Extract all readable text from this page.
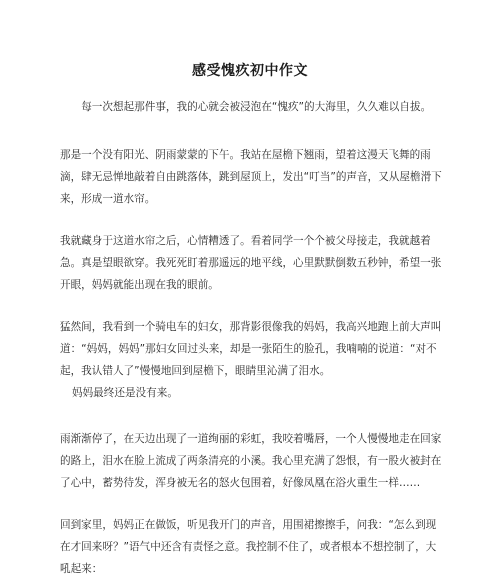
感受愧疚初中作文

每一次想起那件事，我的心就会被浸泡在“愧疚”的大海里，久久难以自拔。

那是一个没有阳光、阴雨蒙蒙的下午。我站在屋檐下翘雨，望着这漫天飞舞的雨滴，肆无忌惮地敲着自由跳落体，跳到屋顶上，发出“叮当”的声音，又从屋檐滑下来，形成一道水帘。

我就藏身于这道水帘之后，心情糟透了。看着同学一个个被父母接走，我就越着急。真是望眼欲穿。我死死盯着那遥远的地平线，心里默默倒数五秒钟，希望一张开眼，妈妈就能出现在我的眼前。

猛然间，我看到一个骑电车的妇女，那背影很像我的妈妈，我高兴地跑上前大声叫道：“妈妈，妈妈”那妇女回过头来，却是一张陌生的脸孔，我喃喃的说道：“对不起，我认错人了”慢慢地回到屋檐下，眼睛里沁满了泪水。

妈妈最终还是没有来。

雨渐渐停了，在天边出现了一道绚丽的彩虹，我咬着嘴唇，一个人慢慢地走在回家的路上，泪水在脸上流成了两条清亮的小溪。我心里充满了怨恨，有一股火被封在了心中，蓄势待发，浑身被无名的怒火包围着，好像凤凰在浴火重生一样……

回到家里，妈妈正在做饭，听见我开门的声音，用围裙擦擦手，问我：“怎么到现在才回来呀？”语气中还含有责怪之意。我控制不住了，或者根本不想控制了，大吼起来：
